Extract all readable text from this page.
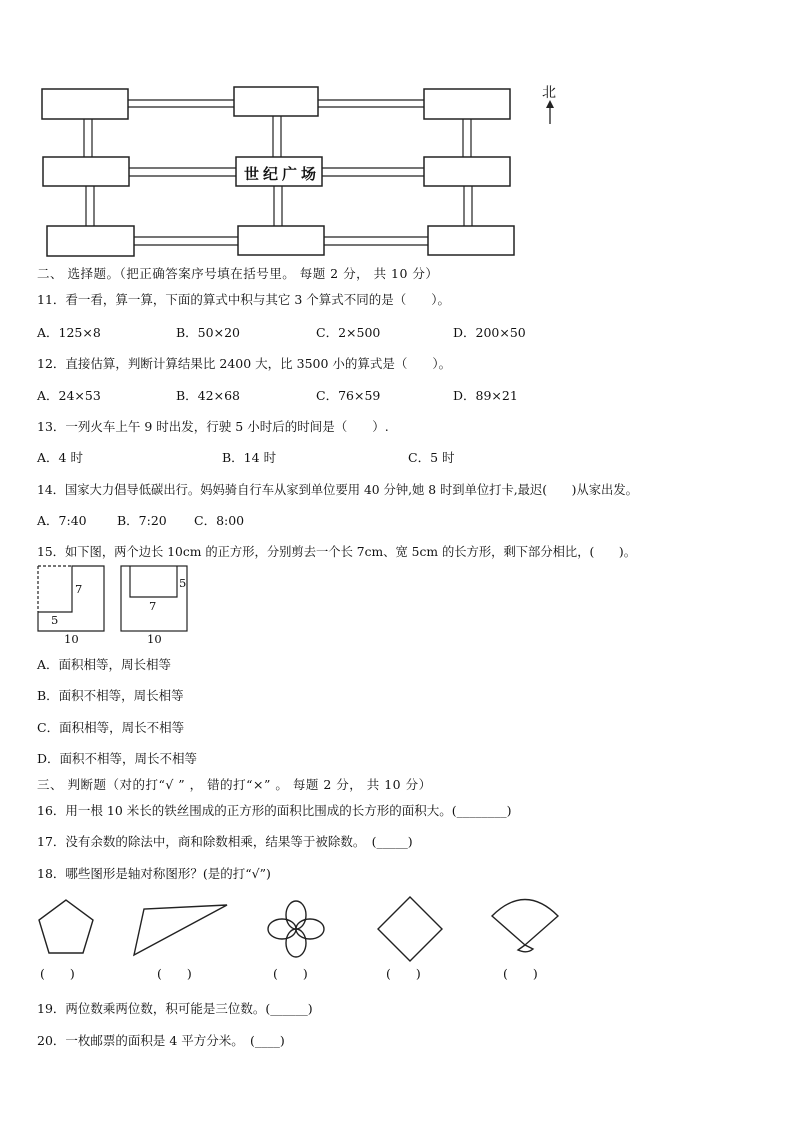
世纪广场
北
二、 选择题。（把正确答案序号填在括号里。 每题 2 分， 共 10 分）
11．看一看，算一算，下面的算式中积与其它 3 个算式不同的是（　　）。
A．125×8	B．50×20	C．2×500	D．200×50
12．直接估算，判断计算结果比 2400 大，比 3500 小的算式是（　　）。
A．24×53	B．42×68	C．76×59	D．89×21
13．一列火车上午 9 时出发，行驶 5 小时后的时间是（　　）.
A．4 时	B．14 时	C．5 时
14．国家大力倡导低碳出行。妈妈骑自行车从家到单位要用 40 分钟,她 8 时到单位打卡,最迟(　　)从家出发。
A．7:40 B．7:20 C．8:00
15．如下图，两个边长 10cm 的正方形，分别剪去一个长 7cm、宽 5cm 的长方形，剩下部分相比，(　　)。
7
5
10
5
7
10
A．面积相等，周长相等
B．面积不相等，周长相等
C．面积相等，周长不相等
D．面积不相等，周长不相等
三、 判断题（对的打“√ ” ， 错的打“×” 。 每题 2 分， 共 10 分）
16．用一根 10 米长的铁丝围成的正方形的面积比围成的长方形的面积大。(________)
17．没有余数的除法中，商和除数相乘，结果等于被除数。　(_____)
18．哪些图形是轴对称图形？(是的打“√”)
(　　)	(　　)	(　　)	(　　)	(　　)
19．两位数乘两位数，积可能是三位数。(______)
20．一枚邮票的面积是 4 平方分米。　(____)
